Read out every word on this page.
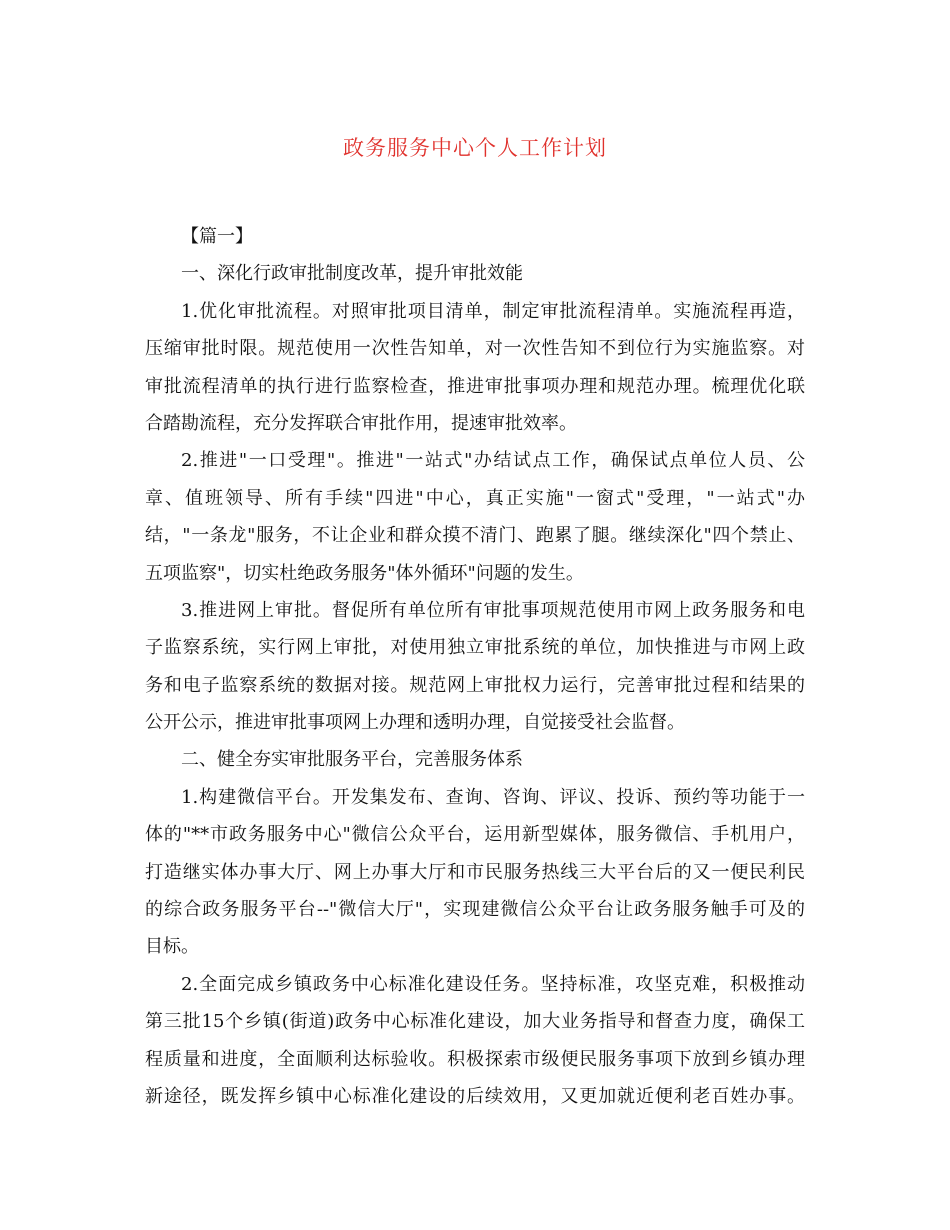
政务服务中心个人工作计划
【篇一】
一、深化行政审批制度改革，提升审批效能
1.优化审批流程。对照审批项目清单，制定审批流程清单。实施流程再造，
压缩审批时限。规范使用一次性告知单，对一次性告知不到位行为实施监察。对
审批流程清单的执行进行监察检查，推进审批事项办理和规范办理。梳理优化联
合踏勘流程，充分发挥联合审批作用，提速审批效率。
2.推进"一口受理"。推进"一站式"办结试点工作，确保试点单位人员、公
章、值班领导、所有手续"四进"中心，真正实施"一窗式"受理，"一站式"办
结，"一条龙"服务，不让企业和群众摸不清门、跑累了腿。继续深化"四个禁止、
五项监察"，切实杜绝政务服务"体外循环"问题的发生。
3.推进网上审批。督促所有单位所有审批事项规范使用市网上政务服务和电
子监察系统，实行网上审批，对使用独立审批系统的单位，加快推进与市网上政
务和电子监察系统的数据对接。规范网上审批权力运行，完善审批过程和结果的
公开公示，推进审批事项网上办理和透明办理，自觉接受社会监督。
二、健全夯实审批服务平台，完善服务体系
1.构建微信平台。开发集发布、查询、咨询、评议、投诉、预约等功能于一
体的"**市政务服务中心"微信公众平台，运用新型媒体，服务微信、手机用户，
打造继实体办事大厅、网上办事大厅和市民服务热线三大平台后的又一便民利民
的综合政务服务平台--"微信大厅"，实现建微信公众平台让政务服务触手可及的
目标。
2.全面完成乡镇政务中心标准化建设任务。坚持标准，攻坚克难，积极推动
第三批15个乡镇(街道)政务中心标准化建设，加大业务指导和督查力度，确保工
程质量和进度，全面顺利达标验收。积极探索市级便民服务事项下放到乡镇办理
新途径，既发挥乡镇中心标准化建设的后续效用，又更加就近便利老百姓办事。
